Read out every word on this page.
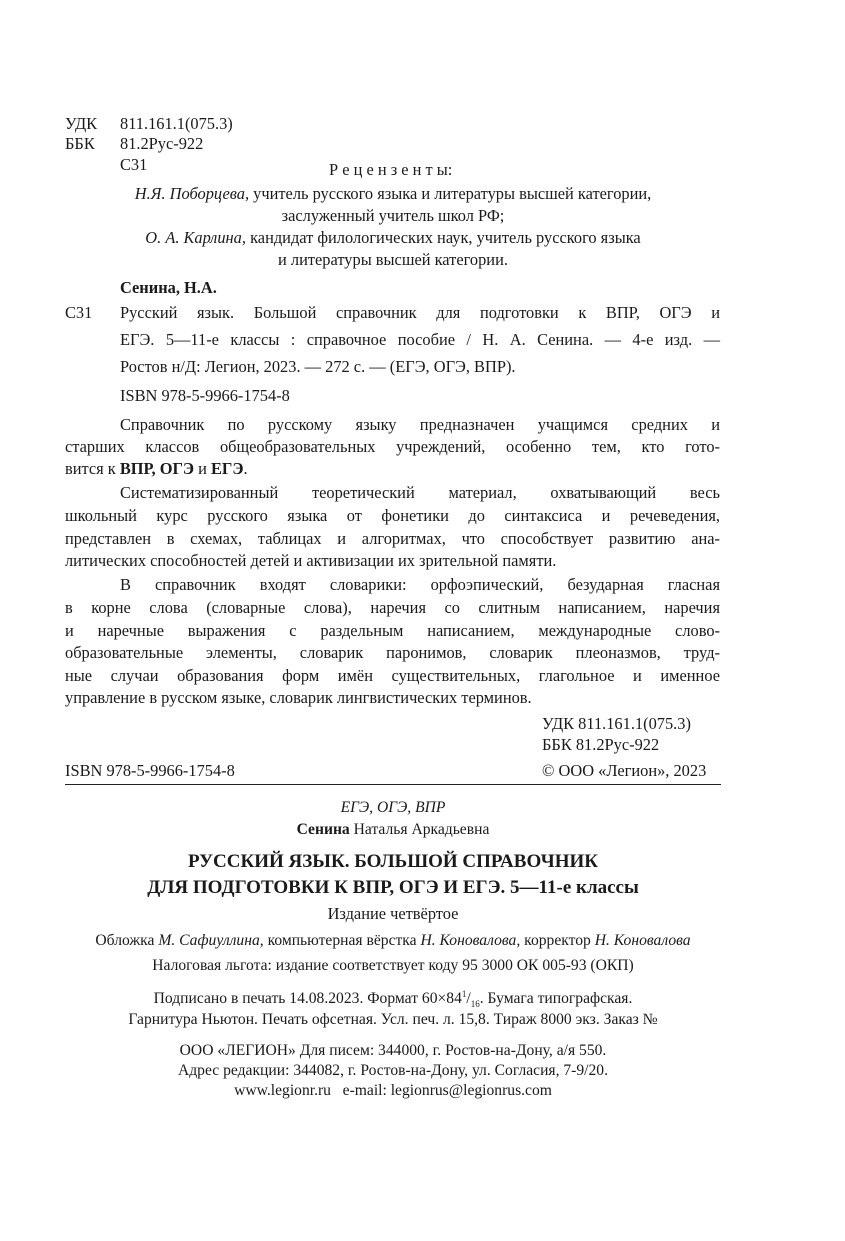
УДК 811.161.1(075.3)
ББК 81.2Рус-922
С31	Р е ц е н з е н т ы:
Н.Я. Поборцева, учитель русского языка и литературы высшей категории,
заслуженный учитель школ РФ;
О. А. Карлина, кандидат филологических наук, учитель русского языка
и литературы высшей категории.
Сенина, Н.А.
С31 Русский язык. Большой справочник для подготовки к ВПР, ОГЭ и
ЕГЭ. 5—11-е классы : справочное пособие / Н. А. Сенина. — 4-е изд. —
Ростов н/Д: Легион, 2023. — 272 с. — (ЕГЭ, ОГЭ, ВПР).
ISBN 978-5-9966-1754-8
Справочник по русскому языку предназначен учащимся средних и
старших классов общеобразовательных учреждений, особенно тем, кто гото-
вится к ВПР, ОГЭ и ЕГЭ.
Систематизированный теоретический материал, охватывающий весь
школьный курс русского языка от фонетики до синтаксиса и речеведения,
представлен в схемах, таблицах и алгоритмах, что способствует развитию ана-
литических способностей детей и активизации их зрительной памяти.
В справочник входят словарики: орфоэпический, безударная гласная
в корне слова (словарные слова), наречия со слитным написанием, наречия
и наречные выражения с раздельным написанием, международные слово-
образовательные элементы, словарик паронимов, словарик плеоназмов, труд-
ные случаи образования форм имён существительных, глагольное и именное
управление в русском языке, словарик лингвистических терминов.
УДК 811.161.1(075.3)
ББК 81.2Рус-922
ISBN 978-5-9966-1754-8	© ООО «Легион», 2023
ЕГЭ, ОГЭ, ВПР
Сенина Наталья Аркадьевна
РУССКИЙ ЯЗЫК. БОЛЬШОЙ СПРАВОЧНИК
ДЛЯ ПОДГОТОВКИ К ВПР, ОГЭ И ЕГЭ. 5—11-е классы
Издание четвёртое
Обложка М. Сафиуллина, компьютерная вёрстка Н. Коновалова, корректор Н. Коновалова
Налоговая льгота: издание соответствует коду 95 3000 ОК 005-93 (ОКП)
Подписано в печать 14.08.2023. Формат $60\times 84^1/_{16}$. Бумага типографская.
Гарнитура Ньютон. Печать офсетная. Усл. печ. л. 15,8. Тираж 8000 экз. Заказ №
ООО «ЛЕГИОН» Для писем: 344000, г. Ростов-на-Дону, а/я 550.
Адрес редакции: 344082, г. Ростов-на-Дону, ул. Согласия, 7-9/20.
www.legionr.ru   e-mail: legionrus@legionrus.com
